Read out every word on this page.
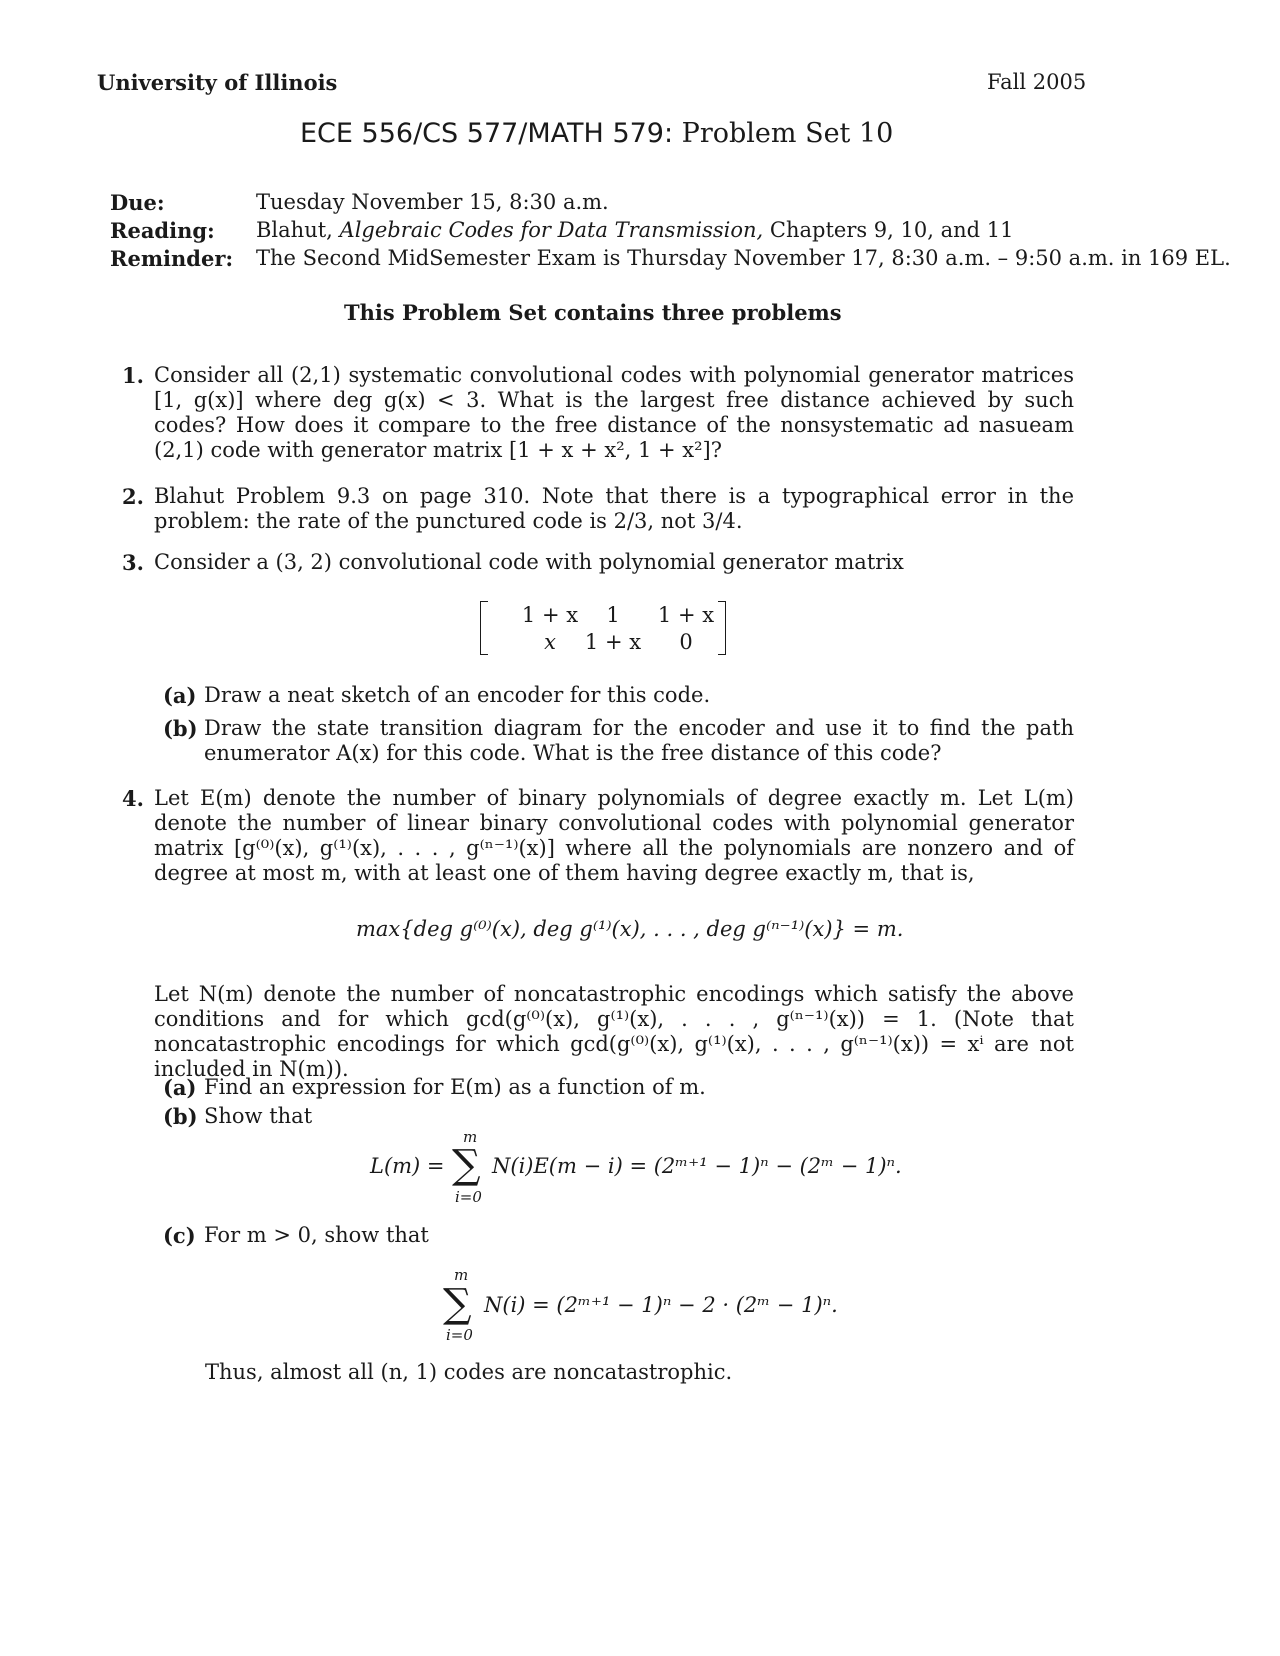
University of Illinois	Fall 2005
ECE 556/CS 577/MATH 579: Problem Set 10
Due:	Tuesday November 15, 8:30 a.m.
Reading: Blahut, Algebraic Codes for Data Transmission, Chapters 9, 10, and 11
Reminder: The Second MidSemester Exam is Thursday November 17, 8:30 a.m. – 9:50 a.m. in 169 EL.
This Problem Set contains three problems
1. Consider all (2,1) systematic convolutional codes with polynomial generator matrices [1, g(x)] where deg g(x) < 3. What is the largest free distance achieved by such codes? How does it compare to the free distance of the nonsystematic ad nasueam (2,1) code with generator matrix [1 + x + x², 1 + x²]?
2. Blahut Problem 9.3 on page 310. Note that there is a typographical error in the problem: the rate of the punctured code is 2/3, not 3/4.
3. Consider a (3, 2) convolutional code with polynomial generator matrix
1 + x	1	1 + x
x	1 + x	0
(a) Draw a neat sketch of an encoder for this code.
(b) Draw the state transition diagram for the encoder and use it to find the path enumerator A(x) for this code. What is the free distance of this code?
4. Let E(m) denote the number of binary polynomials of degree exactly m. Let L(m) denote the number of linear binary convolutional codes with polynomial generator matrix [g⁽⁰⁾(x), g⁽¹⁾(x), . . . , g⁽ⁿ⁻¹⁾(x)] where all the polynomials are nonzero and of degree at most m, with at least one of them having degree exactly m, that is,
max{deg g⁽⁰⁾(x), deg g⁽¹⁾(x), . . . , deg g⁽ⁿ⁻¹⁾(x)} = m.
Let N(m) denote the number of noncatastrophic encodings which satisfy the above conditions and for which gcd(g⁽⁰⁾(x), g⁽¹⁾(x), . . . , g⁽ⁿ⁻¹⁾(x)) = 1. (Note that noncatastrophic encodings for which gcd(g⁽⁰⁾(x), g⁽¹⁾(x), . . . , g⁽ⁿ⁻¹⁾(x)) = xⁱ are not included in N(m)).
(a) Find an expression for E(m) as a function of m.
(b) Show that
L(m) =
m
∑
i=0
N(i)E(m − i) = (2ᵐ⁺¹ − 1)ⁿ − (2ᵐ − 1)ⁿ.
(c) For m > 0, show that
m
∑
i=0
N(i) = (2ᵐ⁺¹ − 1)ⁿ − 2 · (2ᵐ − 1)ⁿ.
Thus, almost all (n, 1) codes are noncatastrophic.
